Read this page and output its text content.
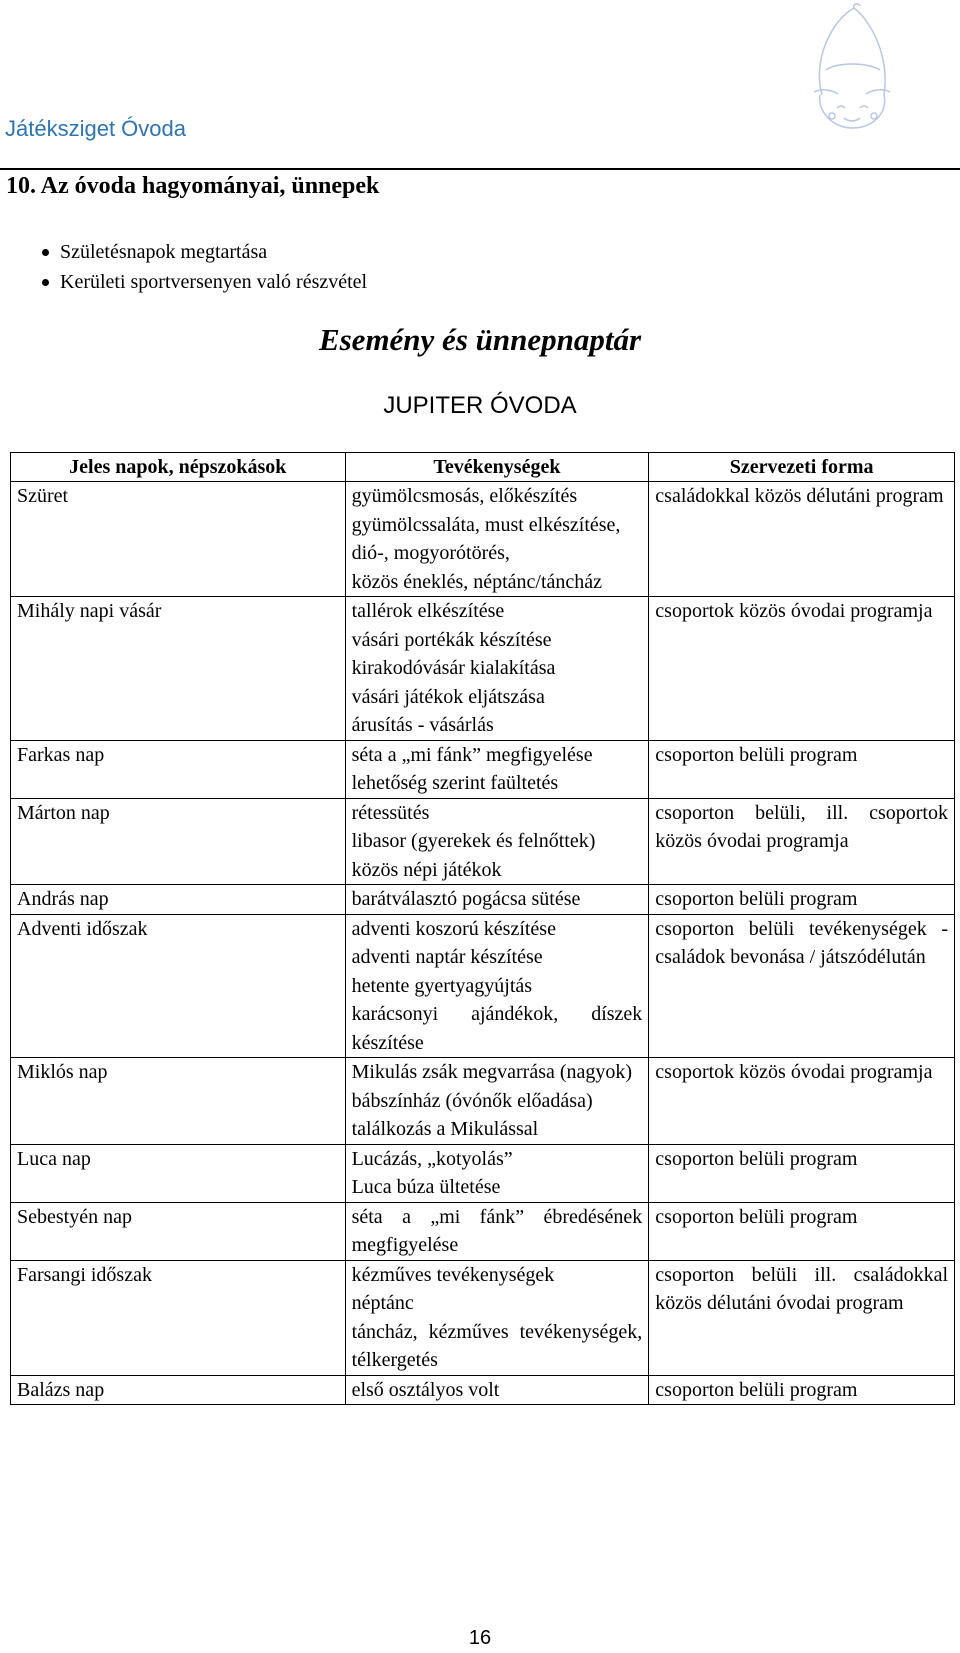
Játéksziget Óvoda
10. Az óvoda hagyományai, ünnepek
Születésnapok megtartása
Kerületi sportversenyen való részvétel
Esemény és ünnepnaptár
JUPITER ÓVODA
Jeles napok, népszokások	Tevékenységek	Szervezeti forma
Szüret	gyümölcsmosás, előkészítés
gyümölcssaláta, must elkészítése,
dió-, mogyorótörés,
közös éneklés, néptánc/táncház	családokkal közös délutáni program

Mihály napi vásár	tallérok elkészítése
vásári portékák készítése
kirakodóvásár kialakítása
vásári játékok eljátszása
árusítás - vásárlás	csoportok közös óvodai programja

Farkas nap	séta a „mi fánk” megfigyelése
lehetőség szerint faültetés	csoporton belüli program

Márton nap	rétessütés
libasor (gyerekek és felnőttek)
közös népi játékok	csoporton belüli, ill. csoportok közös óvodai programja

András nap	barátválasztó pogácsa sütése	csoporton belüli program

Adventi időszak	adventi koszorú készítése
adventi naptár készítése
hetente gyertyagyújtás
karácsonyi ajándékok, díszek készítése	csoporton belüli tevékenységek - családok bevonása / játszódélután

Miklós nap	Mikulás zsák megvarrása (nagyok)
bábszínház (óvónők előadása)
találkozás a Mikulással	csoportok közös óvodai programja

Luca nap	Lucázás, „kotyolás”
Luca búza ültetése	csoporton belüli program

Sebestyén nap	séta a „mi fánk” ébredésének megfigyelése	csoporton belüli program

Farsangi időszak	kézműves tevékenységek
néptánc
táncház, kézműves tevékenységek, télkergetés	csoporton belüli ill. családokkal közös délutáni óvodai program

Balázs nap	első osztályos volt	csoporton belüli program
16
